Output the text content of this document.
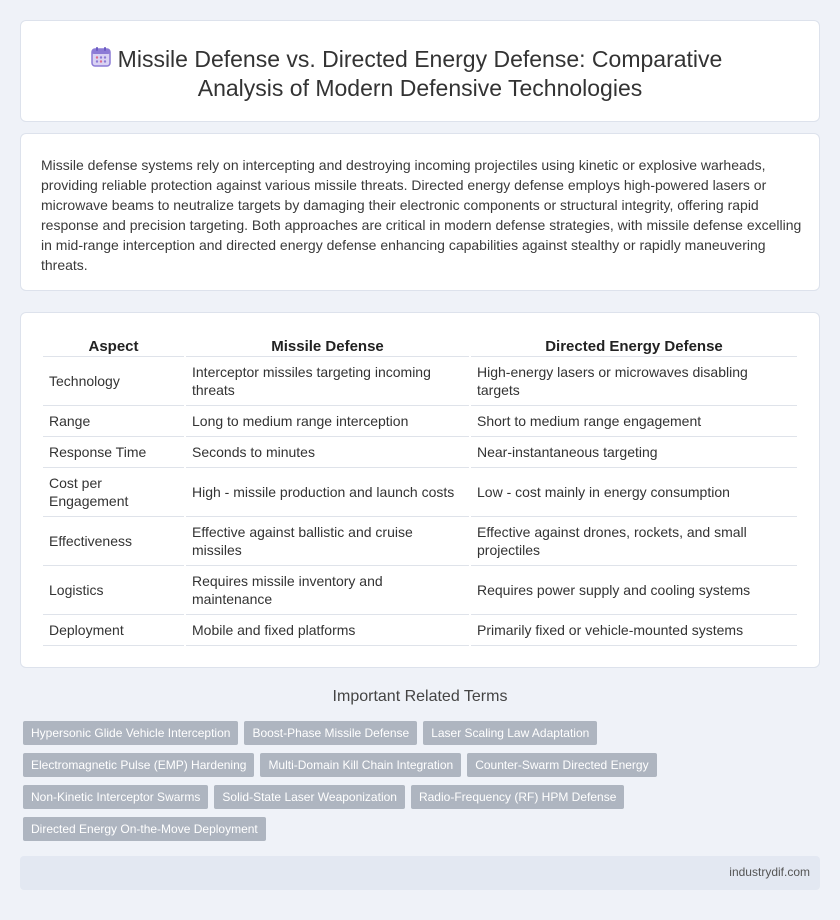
Missile Defense vs. Directed Energy Defense: Comparative Analysis of Modern Defensive Technologies

Missile defense systems rely on intercepting and destroying incoming projectiles using kinetic or explosive warheads, providing reliable protection against various missile threats. Directed energy defense employs high-powered lasers or microwave beams to neutralize targets by damaging their electronic components or structural integrity, offering rapid response and precision targeting. Both approaches are critical in modern defense strategies, with missile defense excelling in mid-range interception and directed energy defense enhancing capabilities against stealthy or rapidly maneuvering threats.

Aspect	Missile Defense	Directed Energy Defense
Technology	Interceptor missiles targeting incoming threats	High-energy lasers or microwaves disabling targets
Range	Long to medium range interception	Short to medium range engagement
Response Time	Seconds to minutes	Near-instantaneous targeting
Cost per Engagement	High - missile production and launch costs	Low - cost mainly in energy consumption
Effectiveness	Effective against ballistic and cruise missiles	Effective against drones, rockets, and small projectiles
Logistics	Requires missile inventory and maintenance	Requires power supply and cooling systems
Deployment	Mobile and fixed platforms	Primarily fixed or vehicle-mounted systems
Important Related Terms
Hypersonic Glide Vehicle Interception	Boost-Phase Missile Defense	Laser Scaling Law Adaptation
Electromagnetic Pulse (EMP) Hardening	Multi-Domain Kill Chain Integration	Counter-Swarm Directed Energy
Non-Kinetic Interceptor Swarms	Solid-State Laser Weaponization	Radio-Frequency (RF) HPM Defense
Directed Energy On-the-Move Deployment
industrydif.com
